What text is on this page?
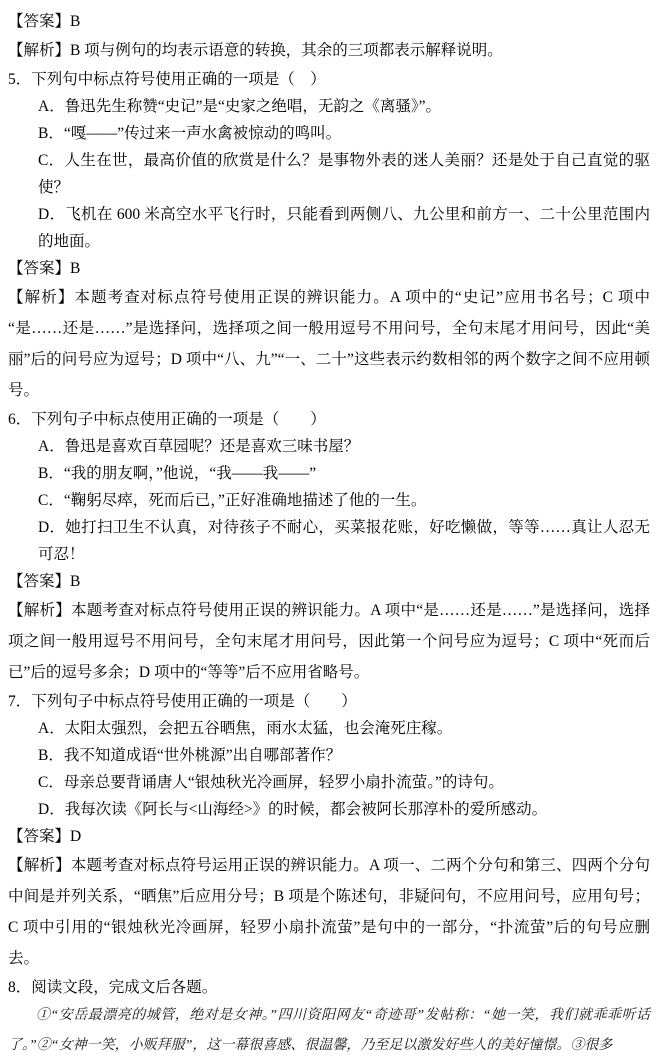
【答案】B

【解析】B 项与例句的均表示语意的转换，其余的三项都表示解释说明。

5．下列句中标点符号使用正确的一项是（　）

A．鲁迅先生称赞“史记”是“史家之绝唱，无韵之《离骚》”。

B．“嘎——”传过来一声水禽被惊动的鸣叫。

C．人生在世，最高价值的欣赏是什么？是事物外表的迷人美丽？还是处于自己直觉的驱使？

D．飞机在 600 米高空水平飞行时，只能看到两侧八、九公里和前方一、二十公里范围内的地面。

【答案】B

【解析】本题考查对标点符号使用正误的辨识能力。A 项中的“史记”应用书名号；C 项中“是……还是……”是选择问，选择项之间一般用逗号不用问号，全句末尾才用问号，因此“美丽”后的问号应为逗号；D 项中“八、九”“一、二十”这些表示约数相邻的两个数字之间不应用顿号。

6．下列句子中标点使用正确的一项是（　　）

A．鲁迅是喜欢百草园呢？还是喜欢三味书屋？

B．“我的朋友啊，”他说，“我——我——”

C．“鞠躬尽瘁，死而后已，”正好准确地描述了他的一生。

D．她打扫卫生不认真，对待孩子不耐心，买菜报花账，好吃懒做，等等……真让人忍无可忍！

【答案】B

【解析】本题考查对标点符号使用正误的辨识能力。A 项中“是……还是……”是选择问，选择项之间一般用逗号不用问号，全句末尾才用问号，因此第一个问号应为逗号；C 项中“死而后已”后的逗号多余；D 项中的“等等”后不应用省略号。

7．下列句子中标点符号使用正确的一项是（　　）

A．太阳太强烈，会把五谷晒焦，雨水太猛，也会淹死庄稼。

B．我不知道成语“世外桃源”出自哪部著作？

C．母亲总要背诵唐人“银烛秋光冷画屏，轻罗小扇扑流萤。”的诗句。

D．我每次读《阿长与<山海经>》的时候，都会被阿长那淳朴的爱所感动。

【答案】D

【解析】本题考查对标点符号运用正误的辨识能力。A 项一、二两个分句和第三、四两个分句中间是并列关系，“晒焦”后应用分号；B 项是个陈述句，非疑问句，不应用问号，应用句号；C 项中引用的“银烛秋光冷画屏，轻罗小扇扑流萤”是句中的一部分，“扑流萤”后的句号应删去。

8．阅读文段，完成文后各题。

①“安岳最漂亮的城管，绝对是女神。”四川资阳网友“奇迹哥”发帖称：“她一笑，我们就乖乖听话了。”②“女神一笑，小贩拜服”，这一幕很喜感、很温馨，乃至足以激发好些人的美好憧憬。③很多
